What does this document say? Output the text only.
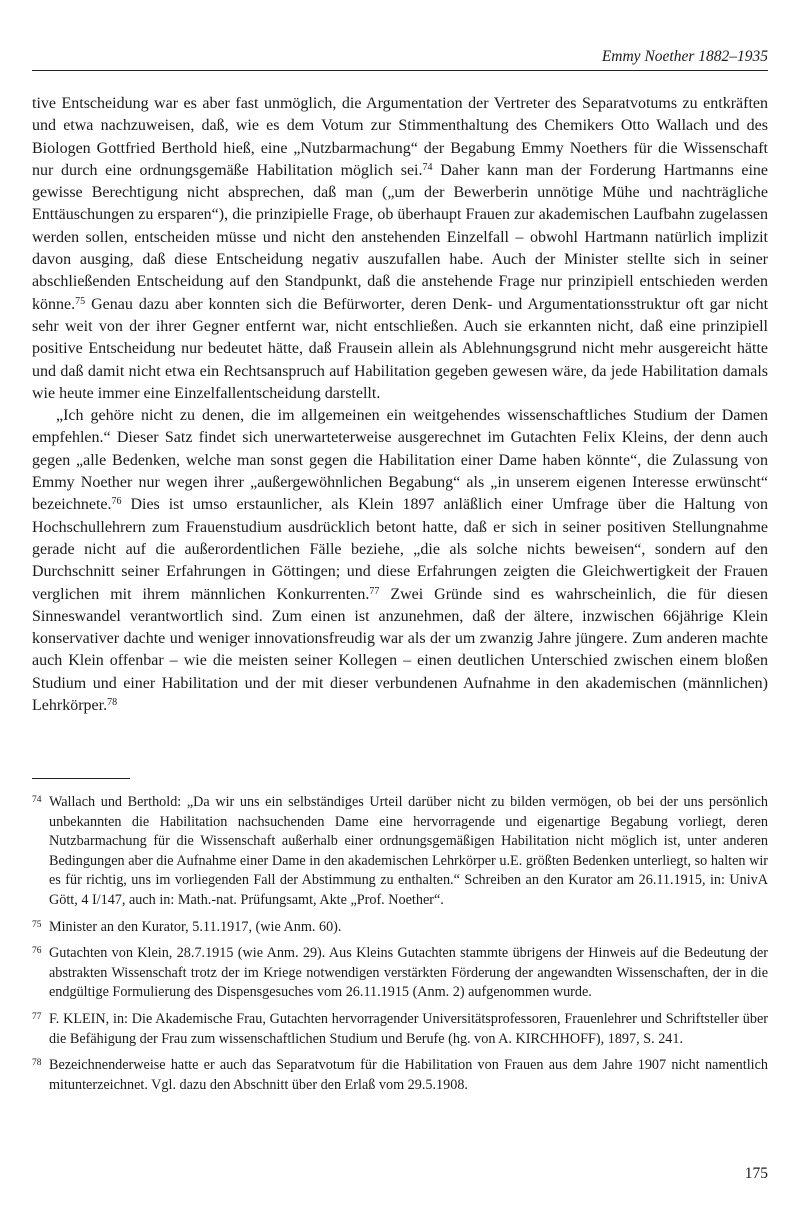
Emmy Noether 1882–1935

tive Entscheidung war es aber fast unmöglich, die Argumentation der Vertreter des Separatvotums zu entkräften und etwa nachzuweisen, daß, wie es dem Votum zur Stimmenthaltung des Chemikers Otto Wallach und des Biologen Gottfried Berthold hieß, eine „Nutzbarmachung“ der Begabung Emmy Noethers für die Wissenschaft nur durch eine ordnungsgemäße Habilitation möglich sei.$^{74}$ Daher kann man der Forderung Hartmanns eine gewisse Berechtigung nicht absprechen, daß man („um der Bewerberin unnötige Mühe und nachträgliche Enttäuschungen zu ersparen“), die prinzipielle Frage, ob überhaupt Frauen zur akademischen Laufbahn zugelassen werden sollen, entscheiden müsse und nicht den anstehenden Einzelfall – obwohl Hartmann natürlich implizit davon ausging, daß diese Entscheidung negativ auszufallen habe. Auch der Minister stellte sich in seiner abschließenden Entscheidung auf den Standpunkt, daß die anstehende Frage nur prinzipiell entschieden werden könne.$^{75}$ Genau dazu aber konnten sich die Befürworter, deren Denk- und Argumentationsstruktur oft gar nicht sehr weit von der ihrer Gegner entfernt war, nicht entschließen. Auch sie erkannten nicht, daß eine prinzipiell positive Entscheidung nur bedeutet hätte, daß Frausein allein als Ablehnungsgrund nicht mehr ausgereicht hätte und daß damit nicht etwa ein Rechtsanspruch auf Habilitation gegeben gewesen wäre, da jede Habilitation damals wie heute immer eine Einzelfallentscheidung darstellt.

„Ich gehöre nicht zu denen, die im allgemeinen ein weitgehendes wissenschaftliches Studium der Damen empfehlen.“ Dieser Satz findet sich unerwarteterweise ausgerechnet im Gutachten Felix Kleins, der denn auch gegen „alle Bedenken, welche man sonst gegen die Habilitation einer Dame haben könnte“, die Zulassung von Emmy Noether nur wegen ihrer „außergewöhnlichen Begabung“ als „in unserem eigenen Interesse erwünscht“ bezeichnete.$^{76}$ Dies ist umso erstaunlicher, als Klein 1897 anläßlich einer Umfrage über die Haltung von Hochschullehrern zum Frauenstudium ausdrücklich betont hatte, daß er sich in seiner positiven Stellungnahme gerade nicht auf die außerordentlichen Fälle beziehe, „die als solche nichts beweisen“, sondern auf den Durchschnitt seiner Erfahrungen in Göttingen; und diese Erfahrungen zeigten die Gleichwertigkeit der Frauen verglichen mit ihrem männlichen Konkurrenten.$^{77}$ Zwei Gründe sind es wahrscheinlich, die für diesen Sinneswandel verantwortlich sind. Zum einen ist anzunehmen, daß der ältere, inzwischen 66jährige Klein konservativer dachte und weniger innovationsfreudig war als der um zwanzig Jahre jüngere. Zum anderen machte auch Klein offenbar – wie die meisten seiner Kollegen – einen deutlichen Unterschied zwischen einem bloßen Studium und einer Habilitation und der mit dieser verbundenen Aufnahme in den akademischen (männlichen) Lehrkörper.$^{78}$

74 Wallach und Berthold: „Da wir uns ein selbständiges Urteil darüber nicht zu bilden vermögen, ob bei der uns persönlich unbekannten die Habilitation nachsuchenden Dame eine hervorragende und eigenartige Begabung vorliegt, deren Nutzbarmachung für die Wissenschaft außerhalb einer ordnungsgemäßigen Habilitation nicht möglich ist, unter anderen Bedingungen aber die Aufnahme einer Dame in den akademischen Lehrkörper u.E. größten Bedenken unterliegt, so halten wir es für richtig, uns im vorliegenden Fall der Abstimmung zu enthalten.“ Schreiben an den Kurator am 26.11.1915, in: UnivA Gött, 4 I/147, auch in: Math.-nat. Prüfungsamt, Akte „Prof. Noether“.

75 Minister an den Kurator, 5.11.1917, (wie Anm. 60).

76 Gutachten von Klein, 28.7.1915 (wie Anm. 29). Aus Kleins Gutachten stammte übrigens der Hinweis auf die Bedeutung der abstrakten Wissenschaft trotz der im Kriege notwendigen verstärkten Förderung der angewandten Wissenschaften, der in die endgültige Formulierung des Dispensgesuches vom 26.11.1915 (Anm. 2) aufgenommen wurde.

77 F. KLEIN, in: Die Akademische Frau, Gutachten hervorragender Universitätsprofessoren, Frauenlehrer und Schriftsteller über die Befähigung der Frau zum wissenschaftlichen Studium und Berufe (hg. von A. KIRCHHOFF), 1897, S. 241.

78 Bezeichnenderweise hatte er auch das Separatvotum für die Habilitation von Frauen aus dem Jahre 1907 nicht namentlich mitunterzeichnet. Vgl. dazu den Abschnitt über den Erlaß vom 29.5.1908.

175
